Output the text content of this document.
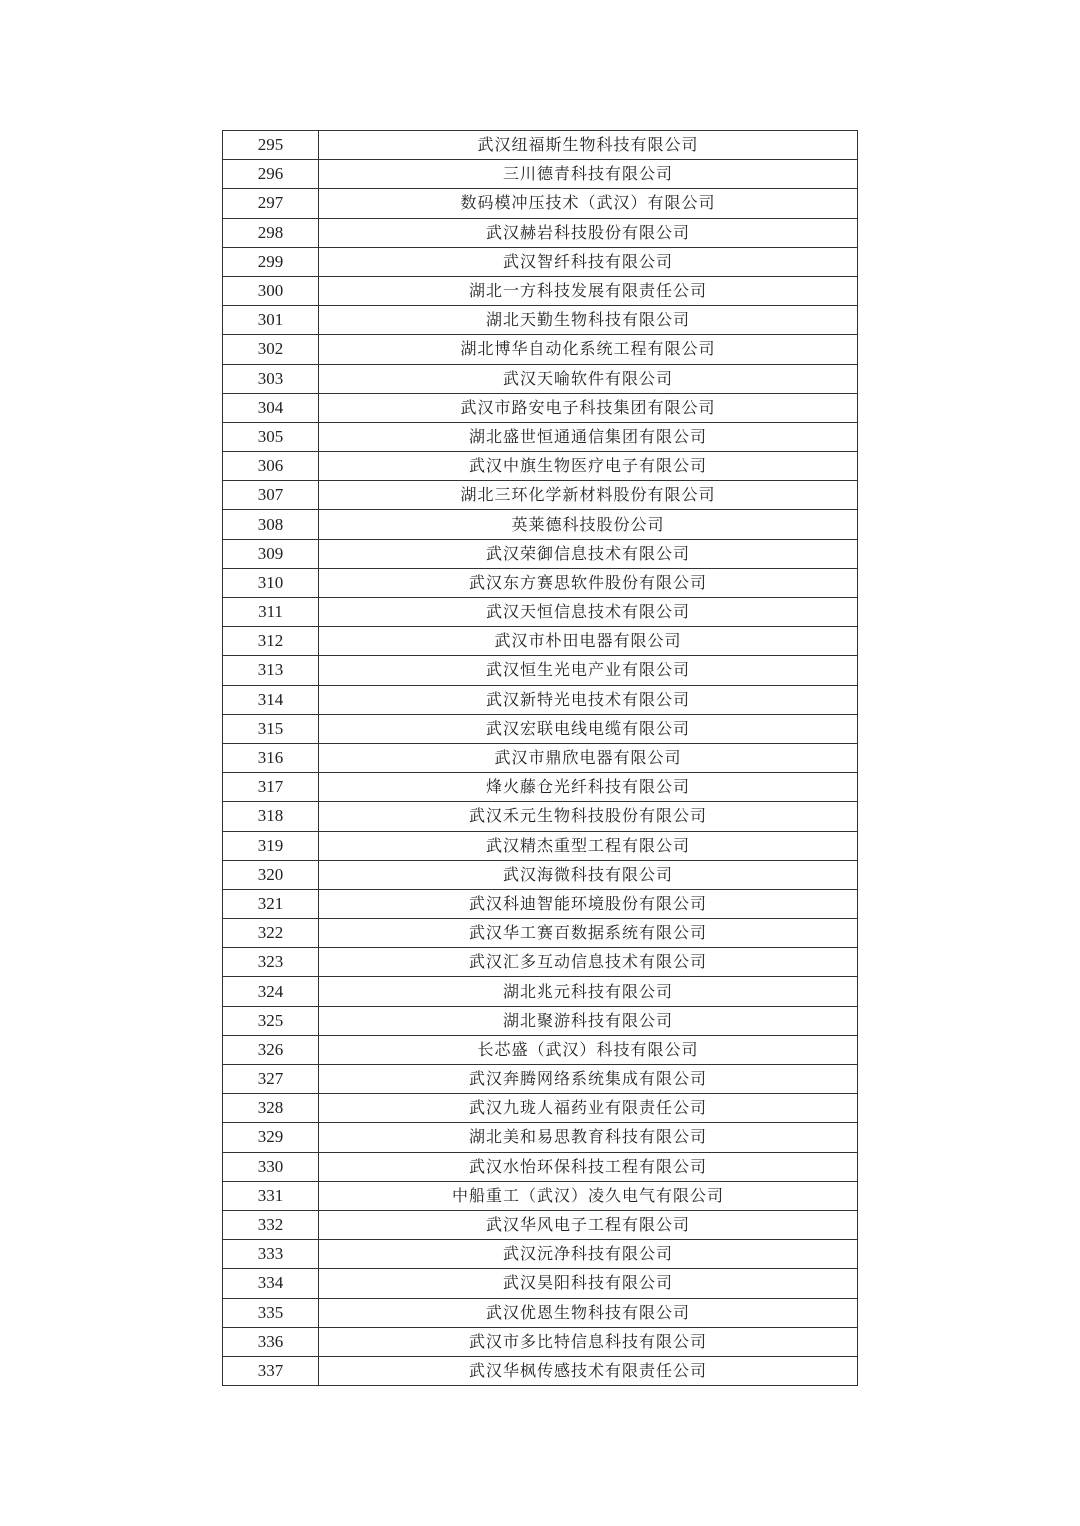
295	武汉纽福斯生物科技有限公司
296	三川德青科技有限公司
297	数码模冲压技术（武汉）有限公司
298	武汉赫岩科技股份有限公司
299	武汉智纤科技有限公司
300	湖北一方科技发展有限责任公司
301	湖北天勤生物科技有限公司
302	湖北博华自动化系统工程有限公司
303	武汉天喻软件有限公司
304	武汉市路安电子科技集团有限公司
305	湖北盛世恒通通信集团有限公司
306	武汉中旗生物医疗电子有限公司
307	湖北三环化学新材料股份有限公司
308	英莱德科技股份公司
309	武汉荣御信息技术有限公司
310	武汉东方赛思软件股份有限公司
311	武汉天恒信息技术有限公司
312	武汉市朴田电器有限公司
313	武汉恒生光电产业有限公司
314	武汉新特光电技术有限公司
315	武汉宏联电线电缆有限公司
316	武汉市鼎欣电器有限公司
317	烽火藤仓光纤科技有限公司
318	武汉禾元生物科技股份有限公司
319	武汉精杰重型工程有限公司
320	武汉海微科技有限公司
321	武汉科迪智能环境股份有限公司
322	武汉华工赛百数据系统有限公司
323	武汉汇多互动信息技术有限公司
324	湖北兆元科技有限公司
325	湖北聚游科技有限公司
326	长芯盛（武汉）科技有限公司
327	武汉奔腾网络系统集成有限公司
328	武汉九珑人福药业有限责任公司
329	湖北美和易思教育科技有限公司
330	武汉水怡环保科技工程有限公司
331	中船重工（武汉）凌久电气有限公司
332	武汉华风电子工程有限公司
333	武汉沅净科技有限公司
334	武汉昊阳科技有限公司
335	武汉优恩生物科技有限公司
336	武汉市多比特信息科技有限公司
337	武汉华枫传感技术有限责任公司
